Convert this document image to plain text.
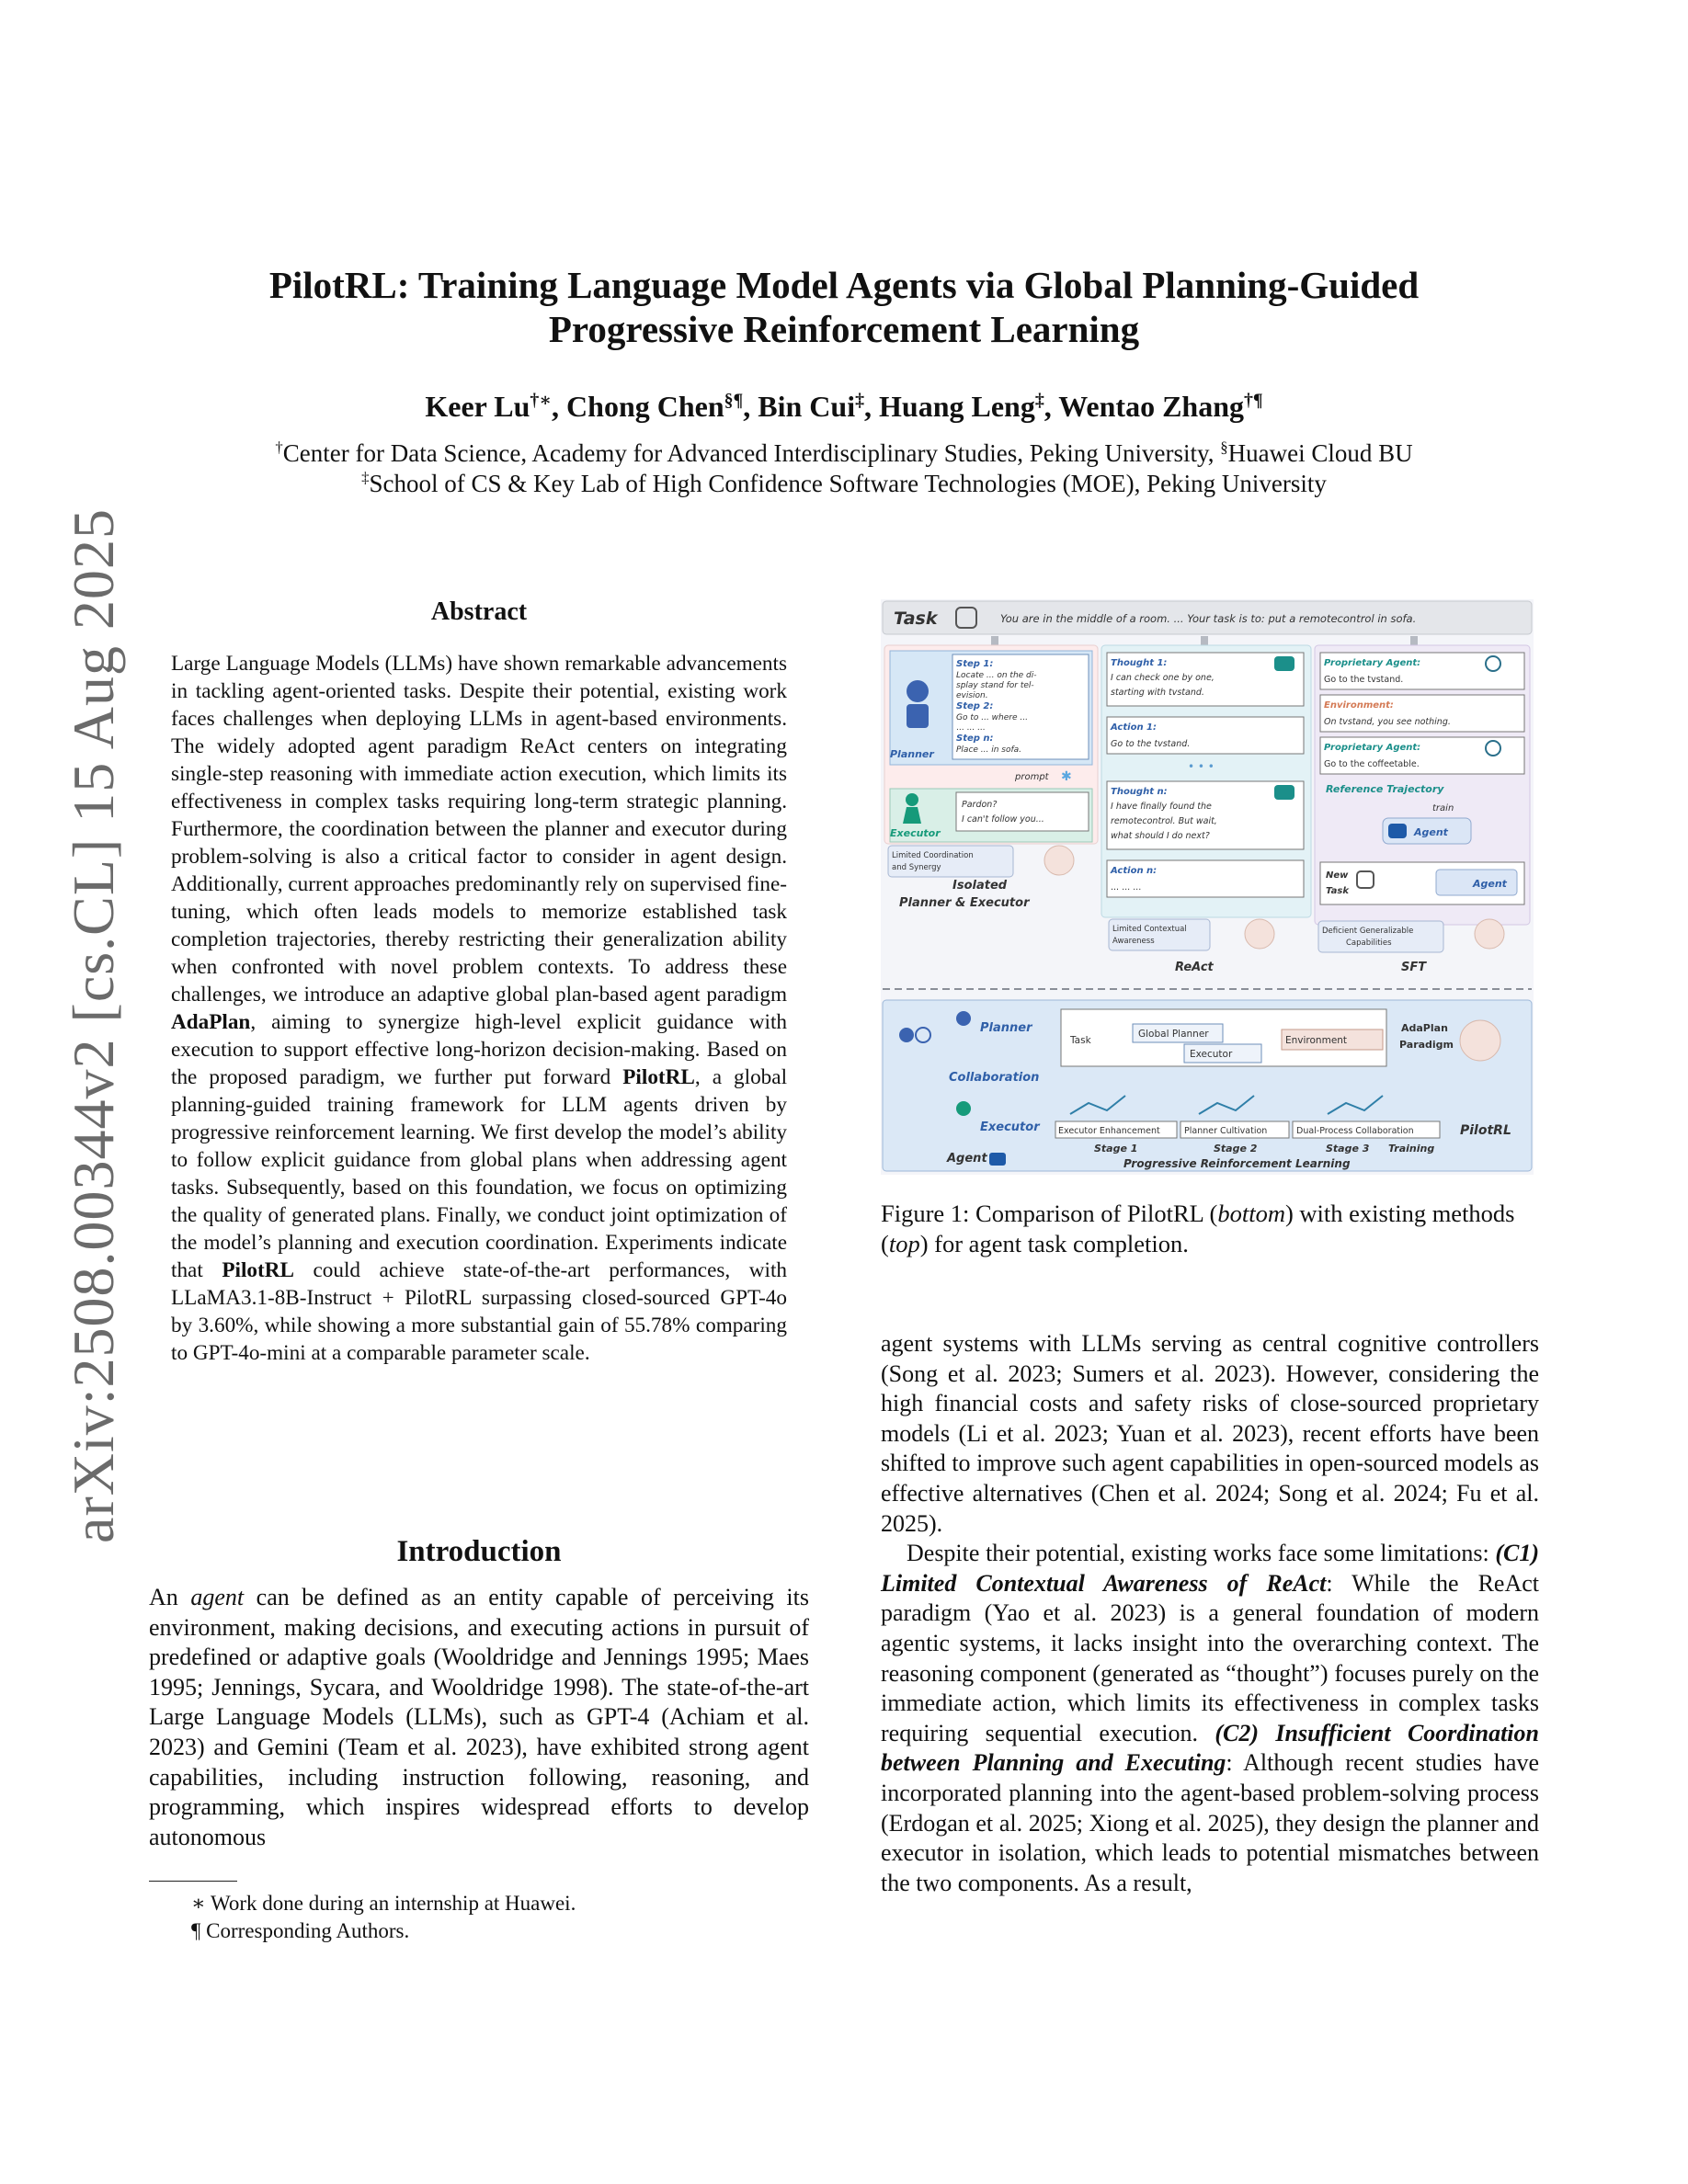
arXiv:2508.00344v2 [cs.CL] 15 Aug 2025
PilotRL: Training Language Model Agents via Global Planning-Guided
Progressive Reinforcement Learning
Keer Lu†∗, Chong Chen§¶, Bin Cui‡, Huang Leng‡, Wentao Zhang†¶
†Center for Data Science, Academy for Advanced Interdisciplinary Studies, Peking University, §Huawei Cloud BU
‡School of CS & Key Lab of High Confidence Software Technologies (MOE), Peking University
Abstract
Large Language Models (LLMs) have shown remarkable advancements in tackling agent-oriented tasks. Despite their potential, existing work faces challenges when deploying LLMs in agent-based environments. The widely adopted agent paradigm ReAct centers on integrating single-step reasoning with immediate action execution, which limits its effectiveness in complex tasks requiring long-term strategic planning. Furthermore, the coordination between the planner and executor during problem-solving is also a critical factor to consider in agent design. Additionally, current approaches predominantly rely on supervised fine-tuning, which often leads models to memorize established task completion trajectories, thereby restricting their generalization ability when confronted with novel problem contexts. To address these challenges, we introduce an adaptive global plan-based agent paradigm AdaPlan, aiming to synergize high-level explicit guidance with execution to support effective long-horizon decision-making. Based on the proposed paradigm, we further put forward PilotRL, a global planning-guided training framework for LLM agents driven by progressive reinforcement learning. We first develop the model’s ability to follow explicit guidance from global plans when addressing agent tasks. Subsequently, based on this foundation, we focus on optimizing the quality of generated plans. Finally, we conduct joint optimization of the model’s planning and execution coordination. Experiments indicate that PilotRL could achieve state-of-the-art performances, with LLaMA3.1-8B-Instruct + PilotRL surpassing closed-sourced GPT-4o by 3.60%, while showing a more substantial gain of 55.78% comparing to GPT-4o-mini at a comparable parameter scale.
Introduction
An agent can be defined as an entity capable of perceiving its environment, making decisions, and executing actions in pursuit of predefined or adaptive goals (Wooldridge and Jennings 1995; Maes 1995; Jennings, Sycara, and Wooldridge 1998). The state-of-the-art Large Language Models (LLMs), such as GPT-4 (Achiam et al. 2023) and Gemini (Team et al. 2023), have exhibited strong agent capabilities, including instruction following, reasoning, and programming, which inspires widespread efforts to develop autonomous
∗ Work done during an internship at Huawei.
¶ Corresponding Authors.
Task	You are in the middle of a room. ... Your task is to: put a remotecontrol in sofa.
Planner
Step 1:
Locate ... on the di-splay stand for tel-evision.
Step 2:
Go to ... where ...
... ... ...
Step n:
Place ... in sofa.
prompt ✱
Executor
Pardon? I can't follow you...
Limited Coordination and Synergy
Isolated
Planner & Executor
Thought 1:
I can check one by one, starting with tvstand.
Action 1:
Go to the tvstand.
• • •
Thought n:
I have finally found the remotecontrol. But wait, what should I do next?
Action n:
... ... ...
Limited Contextual Awareness
ReAct
Proprietary Agent:
Go to the tvstand.
Environment:
On tvstand, you see nothing.
Proprietary Agent:
Go to the coffeetable.
Reference Trajectory
train
Agent
New Task
Agent
Deficient Generalizable Capabilities
SFT
Planner
Collaboration
Executor
Agent
Task
Global Planner
Executor
Environment
AdaPlan
Paradigm
Executor Enhancement	Planner Cultivation	Dual-Process Collaboration
Stage 1	Stage 2	Stage 3 Training
PilotRL
Progressive Reinforcement Learning
Figure 1: Comparison of PilotRL (bottom) with existing methods (top) for agent task completion.

agent systems with LLMs serving as central cognitive controllers (Song et al. 2023; Sumers et al. 2023). However, considering the high financial costs and safety risks of close-sourced proprietary models (Li et al. 2023; Yuan et al. 2023), recent efforts have been shifted to improve such agent capabilities in open-sourced models as effective alternatives (Chen et al. 2024; Song et al. 2024; Fu et al. 2025).

Despite their potential, existing works face some limitations: (C1) Limited Contextual Awareness of ReAct: While the ReAct paradigm (Yao et al. 2023) is a general foundation of modern agentic systems, it lacks insight into the overarching context. The reasoning component (generated as “thought”) focuses purely on the immediate action, which limits its effectiveness in complex tasks requiring sequential execution. (C2) Insufficient Coordination between Planning and Executing: Although recent studies have incorporated planning into the agent-based problem-solving process (Erdogan et al. 2025; Xiong et al. 2025), they design the planner and executor in isolation, which leads to potential mismatches between the two components. As a result,
